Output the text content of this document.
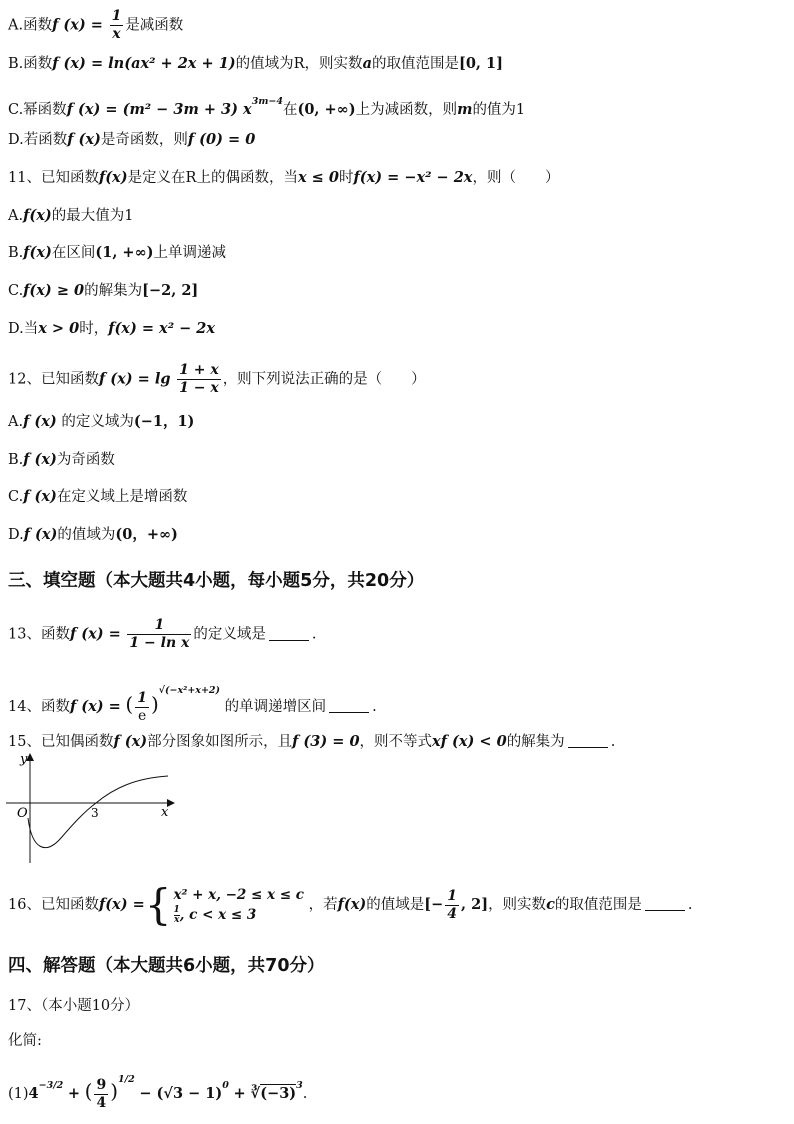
A.函数f $(x) = \frac{1}{x}$ 是减函数
B.函数f (x) = ln(ax² + 2x + 1)的值域为R，则实数a的取值范围是[0, 1]
C.幂函数f (x) = (m² − 3m + 3) $x^{3m-4}$在(0, +∞)上为减函数，则m的值为1
D.若函数f (x)是奇函数，则f (0) = 0
11、已知函数f(x)是定义在R上的偶函数，当x ≤ 0时f(x) = −x² − 2x，则（　　）
A.f(x)的最大值为1
B.f(x)在区间(1, +∞)上单调递减
C.f(x) ≥ 0的解集为[−2, 2]
D.当x > 0时，f(x) = x² − 2x
12、已知函数f $(x) = \lg \frac{1 + x}{1 - x}$ ，则下列说法正确的是（　　）
A.f (x) 的定义域为(−1，1)
B.f (x)为奇函数
C.f (x)在定义域上是增函数
D.f (x)的值域为(0，+∞)
三、填空题（本大题共4小题，每小题5分，共20分）
13、函数f $(x) = \frac{1}{\text{1 − ln x}}$ 的定义域是	.
14、函数f (x) = ( $\frac{1}{e} )^{√(-x^2+x+2)}$ 的单调递增区间	.
15、已知偶函数f (x)部分图象如图所示，且f (3) = 0，则不等式xf (x) < 0的解集为	.
y
x
O	3
16、已知函数f(x) ={ x² + x, −2 ≤ x ≤ c
$\frac{1}{x}$ , c < x ≤ 3
，若f(x)的值域是[− $\frac{1}{4}$ , 2]，则实数c的取值范围是	.
四、解答题（本大题共6小题，共70分）
17、（本小题10分）
化简:
$(1)4^{-3/2}$ + ( $\frac{9}{4} )^{1/2} - (√3 - 1)^0$ + $∛(-3)^3$.
